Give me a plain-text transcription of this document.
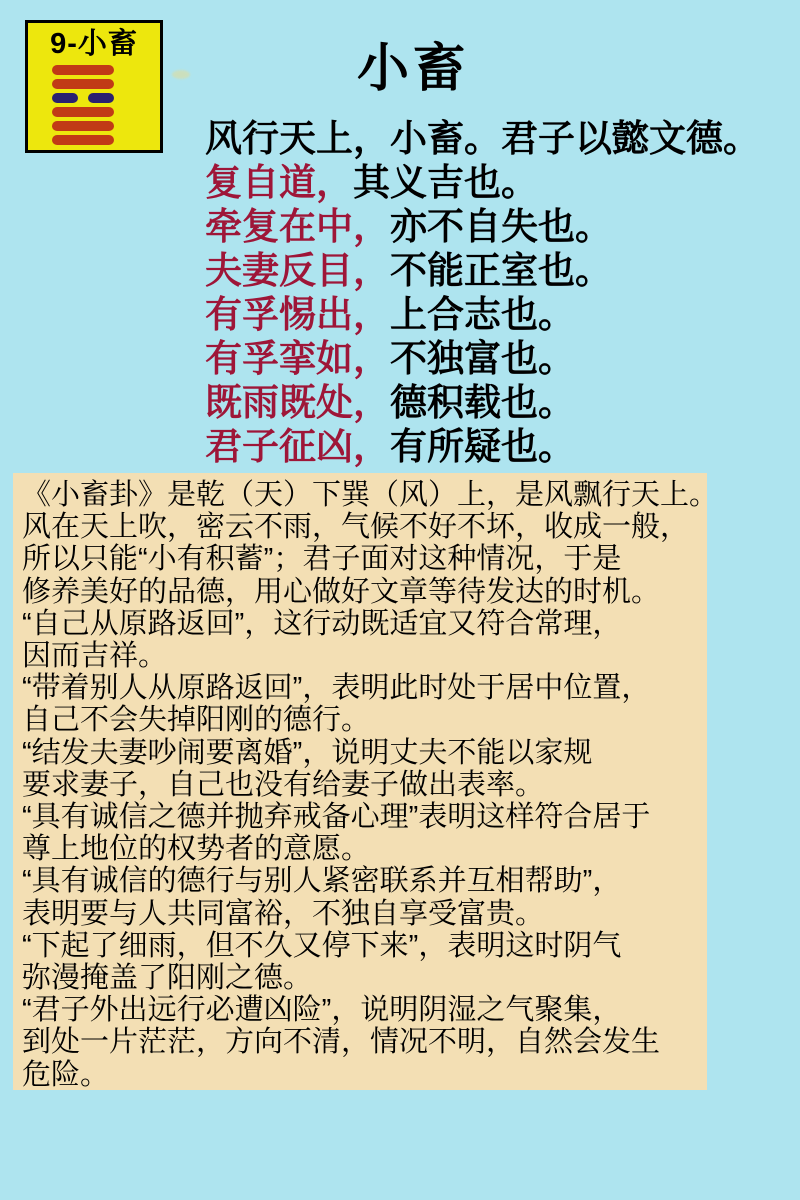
9-小畜	小畜
风行天上，小畜。君子以懿文德。
复自道，其义吉也。
牵复在中，亦不自失也。
夫妻反目，不能正室也。
有孚惕出，上合志也。
有孚挛如，不独富也。
既雨既处，德积载也。
君子征凶，有所疑也。
《小畜卦》是乾（天）下巽（风）上，是风飘行天上。
风在天上吹，密云不雨，气候不好不坏，收成一般，
所以只能“小有积蓄”；君子面对这种情况，于是
修养美好的品德，用心做好文章等待发达的时机。
“自己从原路返回”，这行动既适宜又符合常理，
因而吉祥。
“带着别人从原路返回”，表明此时处于居中位置，
自己不会失掉阳刚的德行。
“结发夫妻吵闹要离婚”，说明丈夫不能以家规
要求妻子，自己也没有给妻子做出表率。
“具有诚信之德并抛弃戒备心理”表明这样符合居于
尊上地位的权势者的意愿。
“具有诚信的德行与别人紧密联系并互相帮助”，
表明要与人共同富裕，不独自享受富贵。
“下起了细雨，但不久又停下来”，表明这时阴气
弥漫掩盖了阳刚之德。
“君子外出远行必遭凶险”，说明阴湿之气聚集，
到处一片茫茫，方向不清，情况不明，自然会发生
危险。
